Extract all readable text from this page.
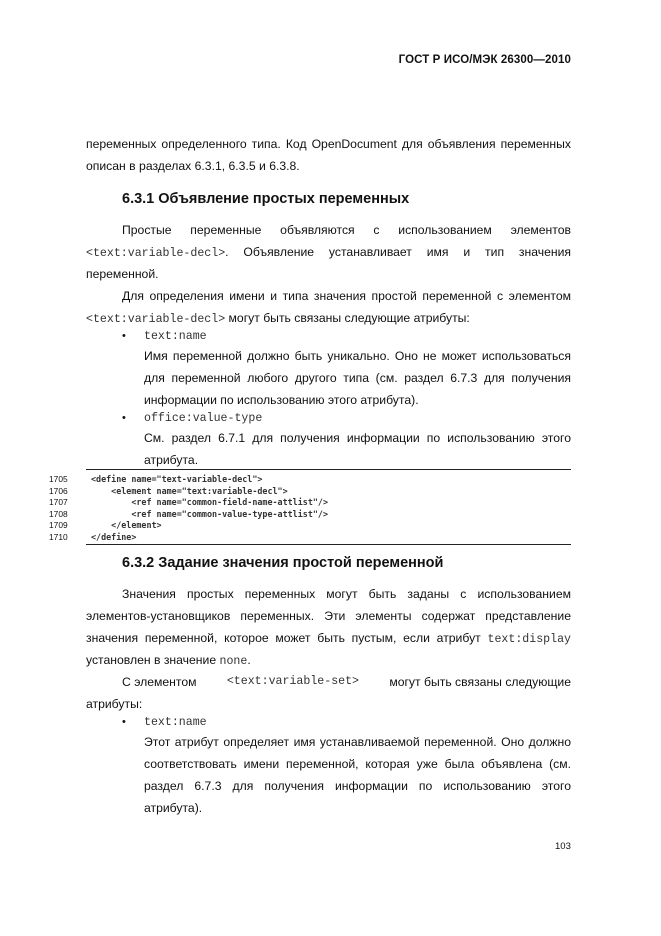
ГОСТ Р ИСО/МЭК 26300—2010

переменных определенного типа. Код OpenDocument для объявления переменных

описан в разделах 6.3.1, 6.3.5 и 6.3.8.

6.3.1 Объявление простых переменных

Простые переменные объявляются с использованием элементов

<text:variable-decl>. Объявление устанавливает имя и тип значения

переменной.

Для определения имени и типа значения простой переменной с элементом

<text:variable-decl> могут быть связаны следующие атрибуты:
• text:name

Имя переменной должно быть уникально. Оно не может использоваться

для переменной любого другого типа (см. раздел 6.7.3 для получения

информации по использованию этого атрибута).

• office:value-type

См. раздел 6.7.1 для получения информации по использованию этого

атрибута.

1705	<define name="text-variable-decl">
1706	<element name="text:variable-decl">
1707	<ref name="common-field-name-attlist"/>
1708	<ref name="common-value-type-attlist"/>
1709	</element>
1710	</define>
6.3.2 Задание значения простой переменной

Значения простых переменных могут быть заданы с использованием

элементов-установщиков переменных. Эти элементы содержат представление

значения переменной, которое может быть пустым, если атрибут text:display
установлен в значение none.
С элементом	<text:variable-set> могут быть связаны следующие

атрибуты:

• text:name

Этот атрибут определяет имя устанавливаемой переменной. Оно должно

соответствовать имени переменной, которая уже была объявлена (см.

раздел 6.7.3 для получения информации по использованию этого

атрибута).

103
